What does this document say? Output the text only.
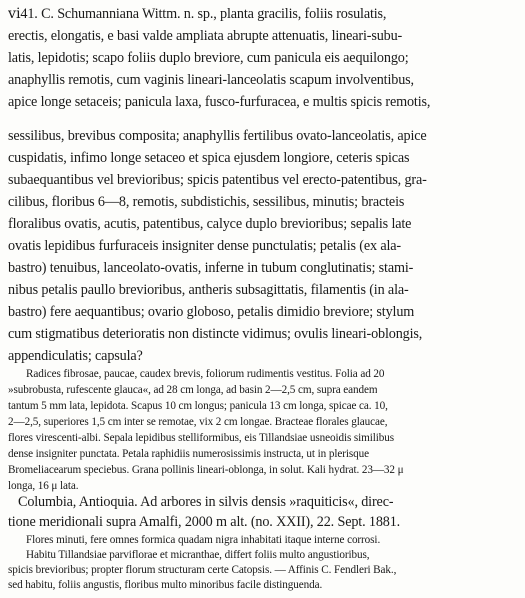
ⅵ41. C. Schumanniana Wittm. n. sp., planta gracilis, foliis rosulatis,
erectis, elongatis, e basi valde ampliata abrupte attenuatis, lineari-subu-
latis, lepidotis; scapo foliis duplo breviore, cum panicula eis aequilongo;
anaphyllis remotis, cum vaginis lineari-lanceolatis scapum involventibus,
apice longe setaceis; panicula laxa, fusco-furfuracea, e multis spicis remotis,
sessilibus, brevibus composita; anaphyllis fertilibus ovato-lanceolatis, apice
cuspidatis, infimo longe setaceo et spica ejusdem longiore, ceteris spicas
subaequantibus vel brevioribus; spicis patentibus vel erecto-patentibus, gra-
cilibus, floribus 6—8, remotis, subdistichis, sessilibus, minutis; bracteis
floralibus ovatis, acutis, patentibus, calyce duplo brevioribus; sepalis late
ovatis lepidibus furfuraceis insigniter dense punctulatis; petalis (ex ala-
bastro) tenuibus, lanceolato-ovatis, inferne in tubum conglutinatis; stami-
nibus petalis paullo brevioribus, antheris subsagittatis, filamentis (in ala-
bastro) fere aequantibus; ovario globoso, petalis dimidio breviore; stylum
cum stigmatibus deterioratis non distincte vidimus; ovulis lineari-oblongis,
appendiculatis; capsula?
Radices fibrosae, paucae, caudex brevis, foliorum rudimentis vestitus. Folia ad 20
»subrobusta, rufescente glauca«, ad 28 cm longa, ad basin 2—2,5 cm, supra eandem
tantum 5 mm lata, lepidota. Scapus 10 cm longus; panicula 13 cm longa, spicae ca. 10,
2—2,5, superiores 1,5 cm inter se remotae, vix 2 cm longae. Bracteae florales glaucae,
flores virescenti-albi. Sepala lepidibus stelliformibus, eis Tillandsiae usneoidis similibus
dense insigniter punctata. Petala raphidiis numerosissimis instructa, ut in plerisque
Bromeliacearum speciebus. Grana pollinis lineari-oblonga, in solut. Kali hydrat. 23—32 μ
longa, 16 μ lata.
Columbia, Antioquia. Ad arbores in silvis densis »raquiticis«, direc-
tione meridionali supra Amalfi, 2000 m alt. (no. XXII), 22. Sept. 1881.
Flores minuti, fere omnes formica quadam nigra inhabitati itaque interne corrosi.
Habitu Tillandsiae parviflorae et micranthae, differt foliis multo angustioribus,
spicis brevioribus; propter florum structuram certe Catopsis. — Affinis C. Fendleri Bak.,
sed habitu, foliis angustis, floribus multo minoribus facile distinguenda.
